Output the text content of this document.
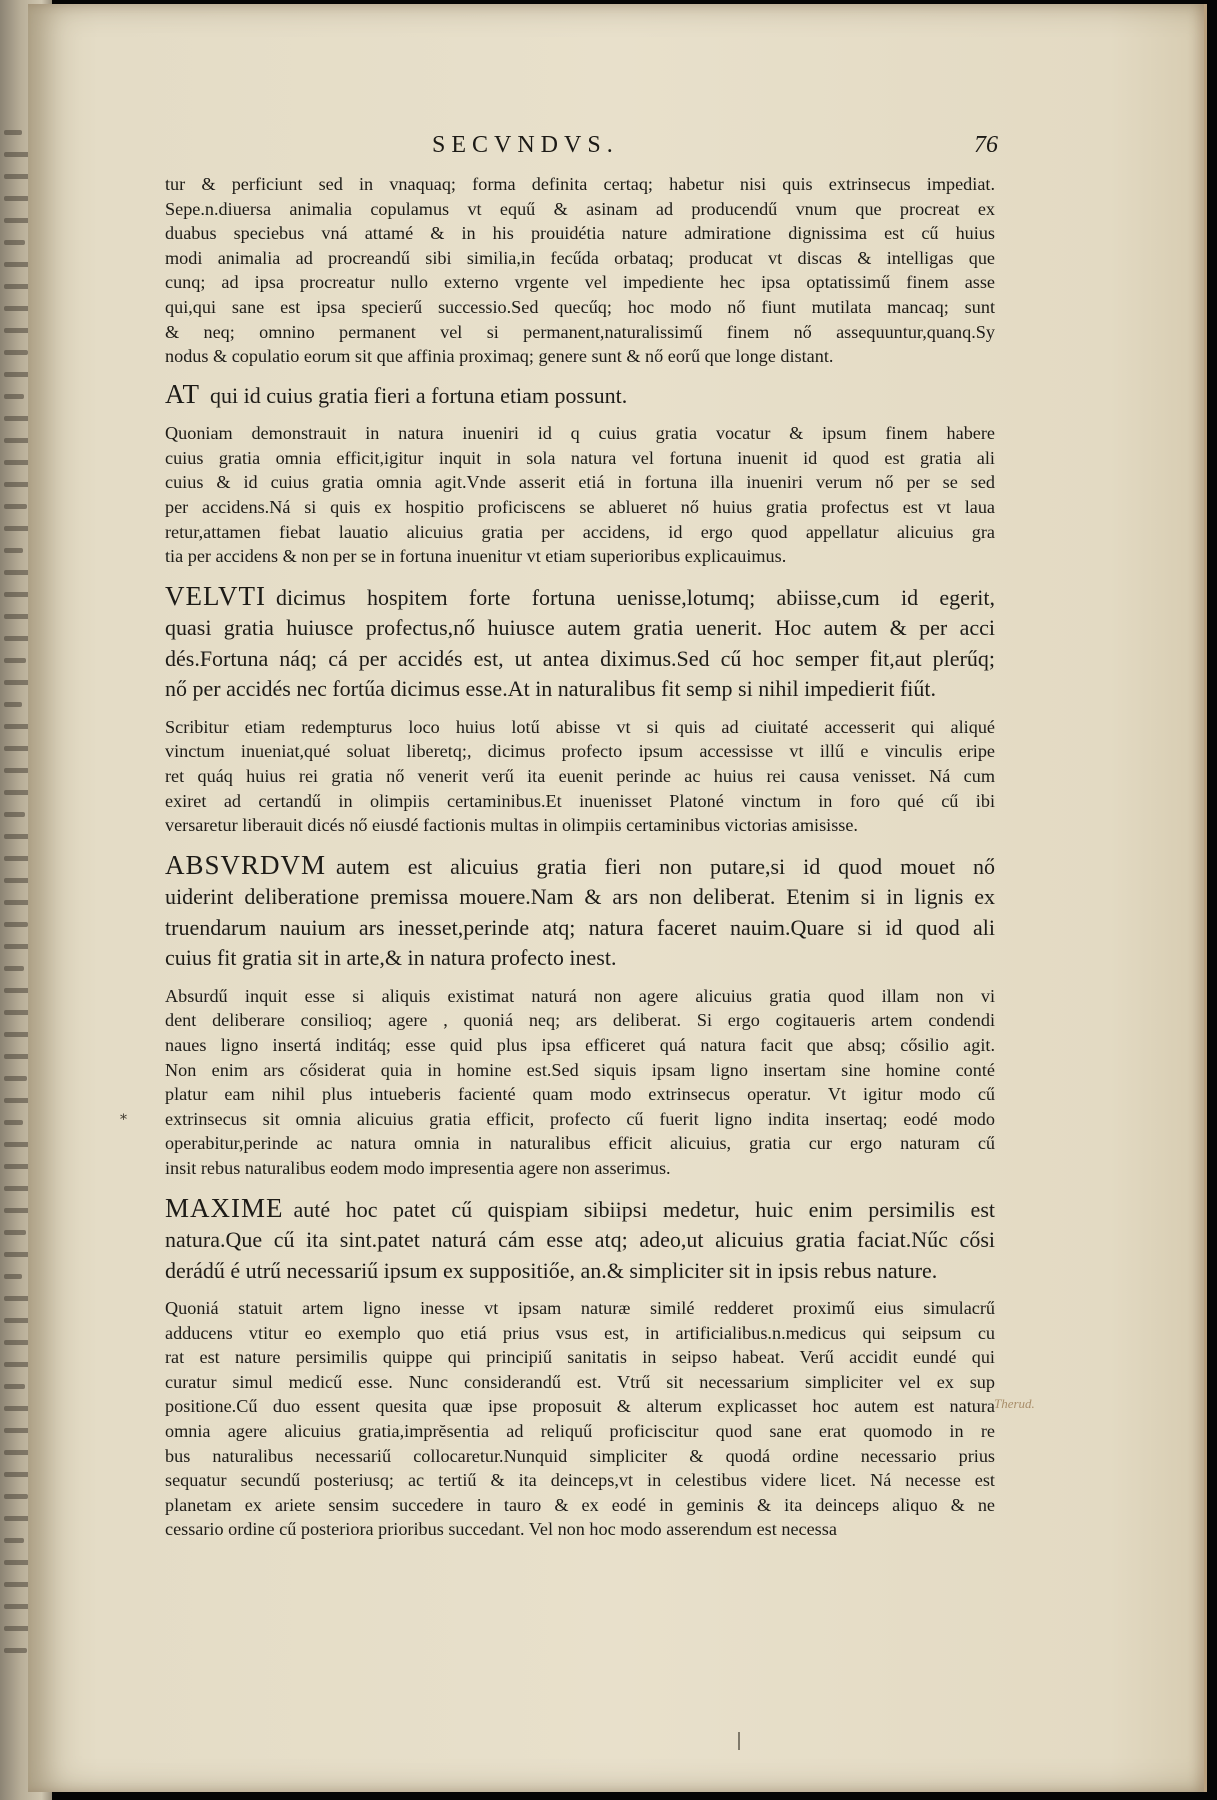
SECVNDVS.	76

tur & perficiunt sed in vnaquaq; forma definita certaq; habetur nisi quis extrinsecus impediat.
Sepe.n.diuersa animalia copulamus vt equű & asinam ad producendű vnum que procreat ex
duabus speciebus vná attamé & in his prouidétia nature admiratione dignissima est cű huius
modi animalia ad procreandű sibi similia,in fecűda orbataq; producat vt discas & intelligas que
cunq; ad ipsa procreatur nullo externo vrgente vel impediente hec ipsa optatissimű finem asse
qui,qui sane est ipsa specierű successio.Sed quecűq; hoc modo nő fiunt mutilata mancaq; sunt
& neq; omnino permanent vel si permanent,naturalissimű finem nő assequuntur,quanq.Sy
nodus & copulatio eorum sit que affinia proximaq; genere sunt & nő eorű que longe distant.

AT qui id cuius gratia fieri a fortuna etiam possunt.

Quoniam demonstrauit in natura inueniri id q cuius gratia vocatur & ipsum finem habere
cuius gratia omnia efficit,igitur inquit in sola natura vel fortuna inuenit id quod est gratia ali
cuius & id cuius gratia omnia agit.Vnde asserit etiá in fortuna illa inueniri verum nő per se sed
per accidens.Ná si quis ex hospitio proficiscens se ablueret nő huius gratia profectus est vt laua
retur,attamen fiebat lauatio alicuius gratia per accidens, id ergo quod appellatur alicuius gra
tia per accidens & non per se in fortuna inuenitur vt etiam superioribus explicauimus.

VELVTI dicimus hospitem forte fortuna uenisse,lotumq; abiisse,cum id egerit,
quasi gratia huiusce profectus,nő huiusce autem gratia uenerit. Hoc autem & per acci
dés.Fortuna náq; cá per accidés est, ut antea diximus.Sed cű hoc semper fit,aut plerűq;
nő per accidés nec fortűa dicimus esse.At in naturalibus fit semp si nihil impedierit fiűt.

Scribitur etiam redempturus loco huius lotű abisse vt si quis ad ciuitaté accesserit qui aliqué
vinctum inueniat,qué soluat liberetq;, dicimus profecto ipsum accessisse vt illű e vinculis eripe
ret quáq huius rei gratia nő venerit verű ita euenit perinde ac huius rei causa venisset. Ná cum
exiret ad certandű in olimpiis certaminibus.Et inuenisset Platoné vinctum in foro qué cű ibi
versaretur liberauit dicés nő eiusdé factionis multas in olimpiis certaminibus victorias amisisse.

ABSVRDVM autem est alicuius gratia fieri non putare,si id quod mouet nő
uiderint deliberatione premissa mouere.Nam & ars non deliberat. Etenim si in lignis ex
truendarum nauium ars inesset,perinde atq; natura faceret nauim.Quare si id quod ali
cuius fit gratia sit in arte,& in natura profecto inest.

Absurdű inquit esse si aliquis existimat naturá non agere alicuius gratia quod illam non vi
dent deliberare consilioq; agere , quoniá neq; ars deliberat. Si ergo cogitaueris artem condendi
naues ligno insertá inditáq; esse quid plus ipsa efficeret quá natura facit que absq; cősilio agit.
Non enim ars cősiderat quia in homine est.Sed siquis ipsam ligno insertam sine homine conté
platur eam nihil plus intueberis facienté quam modo extrinsecus operatur. Vt igitur modo cű
extrinsecus sit omnia alicuius gratia efficit, profecto cű fuerit ligno indita insertaq; eodé modo
operabitur,perinde ac natura omnia in naturalibus efficit alicuius, gratia cur ergo naturam cű
insit rebus naturalibus eodem modo impresentia agere non asserimus.

MAXIME auté hoc patet cű quispiam sibiipsi medetur, huic enim persimilis est
natura.Que cű ita sint.patet naturá cám esse atq; adeo,ut alicuius gratia faciat.Nűc cősi
derádű é utrű necessariű ipsum ex suppositiőe, an.& simpliciter sit in ipsis rebus nature.

Quoniá statuit artem ligno inesse vt ipsam naturæ similé redderet proximű eius simulacrű
adducens vtitur eo exemplo quo etiá prius vsus est, in artificialibus.n.medicus qui seipsum cu
rat est nature persimilis quippe qui principiű sanitatis in seipso habeat. Verű accidit eundé qui
curatur simul medicű esse. Nunc considerandű est. Vtrű sit necessarium simpliciter vel ex sup
positione.Cű duo essent quesita quæ ipse proposuit & alterum explicasset hoc autem est natura
omnia agere alicuius gratia,imprĕsentia ad reliquű proficiscitur quod sane erat quomodo in re
bus naturalibus necessariű collocaretur.Nunquid simpliciter & quodá ordine necessario prius
sequatur secundű posteriusq; ac tertiű & ita deinceps,vt in celestibus videre licet. Ná necesse est
planetam ex ariete sensim succedere in tauro & ex eodé in geminis & ita deinceps aliquo & ne
cessario ordine cű posteriora prioribus succedant. Vel non hoc modo asserendum est necessa

Therud.
*
